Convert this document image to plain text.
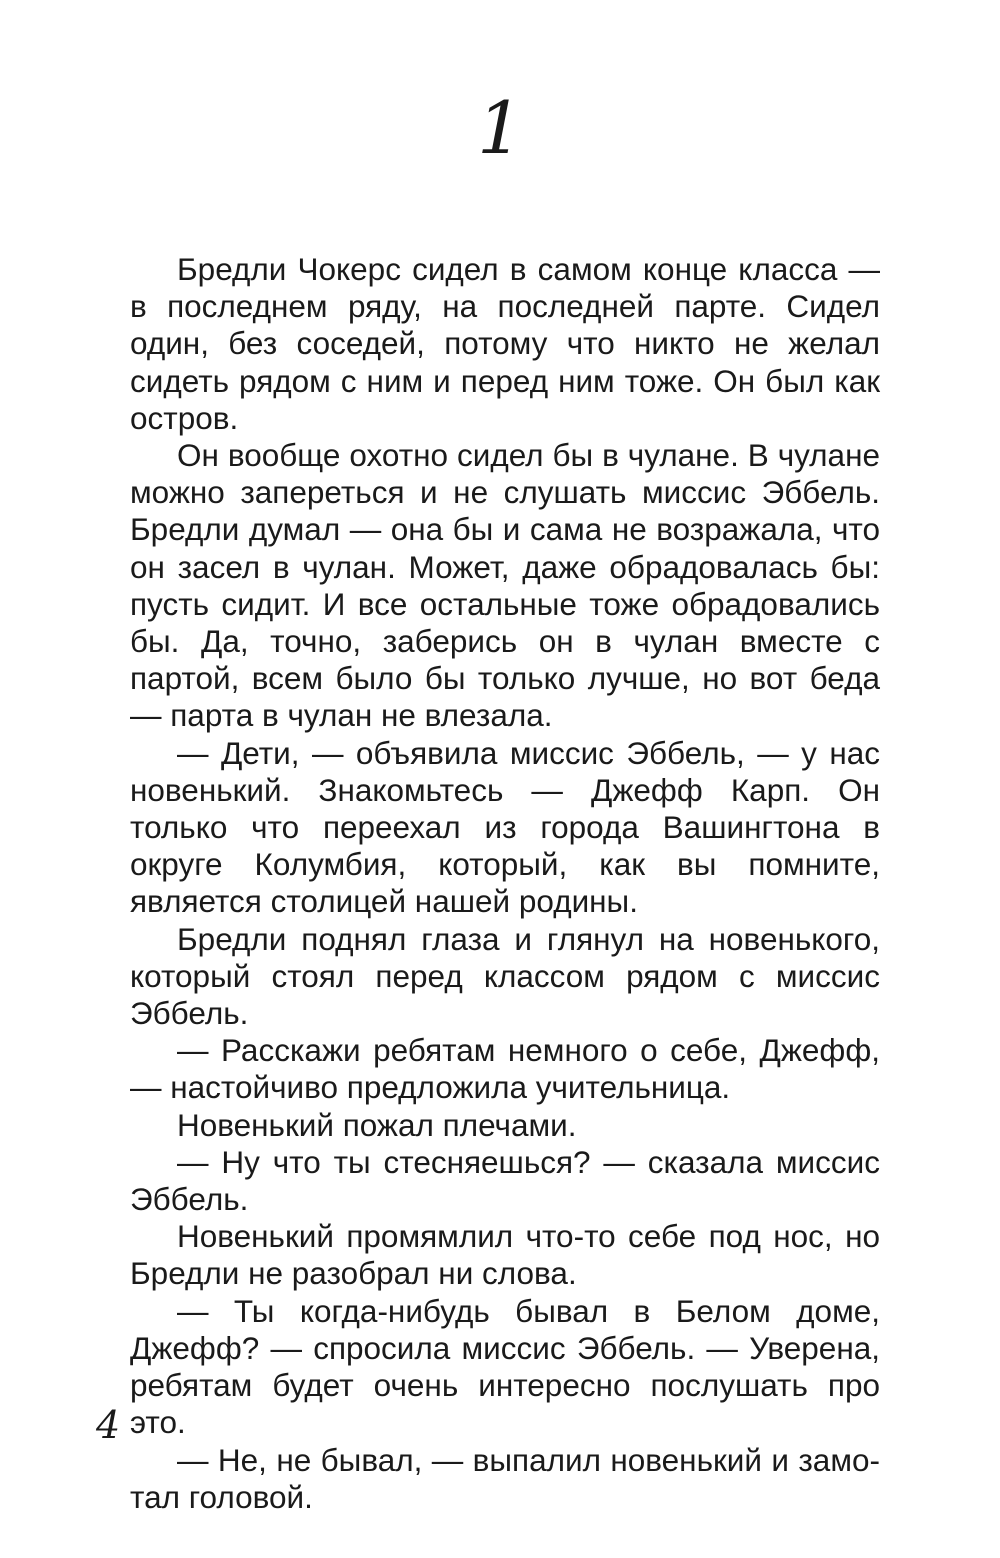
1

Бредли Чокерс сидел в самом конце класса — в последнем ряду, на последней парте. Сидел один, без соседей, потому что никто не желал сидеть рядом с ним и перед ним тоже. Он был как остров.

Он вообще охотно сидел бы в чулане. В чулане можно запереться и не слушать миссис Эббель. Бредли думал — она бы и сама не возражала, что он засел в чулан. Может, даже обрадовалась бы: пусть сидит. И все остальные тоже обрадовались бы. Да, точно, заберись он в чулан вместе с партой, всем было бы только лучше, но вот беда — парта в чулан не влезала.

— Дети, — объявила миссис Эббель, — у нас новенький. Знакомьтесь — Джефф Карп. Он только что переехал из города Вашингтона в округе Колумбия, который, как вы помните, является столицей нашей родины.

Бредли поднял глаза и глянул на новенького, который стоял перед классом рядом с миссис Эббель.

— Расскажи ребятам немного о себе, Джефф, — настойчиво предложила учительница.

Новенький пожал плечами.

— Ну что ты стесняешься? — сказала миссис Эббель.

Новенький промямлил что-то себе под нос, но Бредли не разобрал ни слова.

— Ты когда-нибудь бывал в Белом доме, Джефф? — спросила миссис Эббель. — Уверена, ребятам будет очень интересно послушать про это.

— Не, не бывал, — выпалил новенький и замотал головой.

4
